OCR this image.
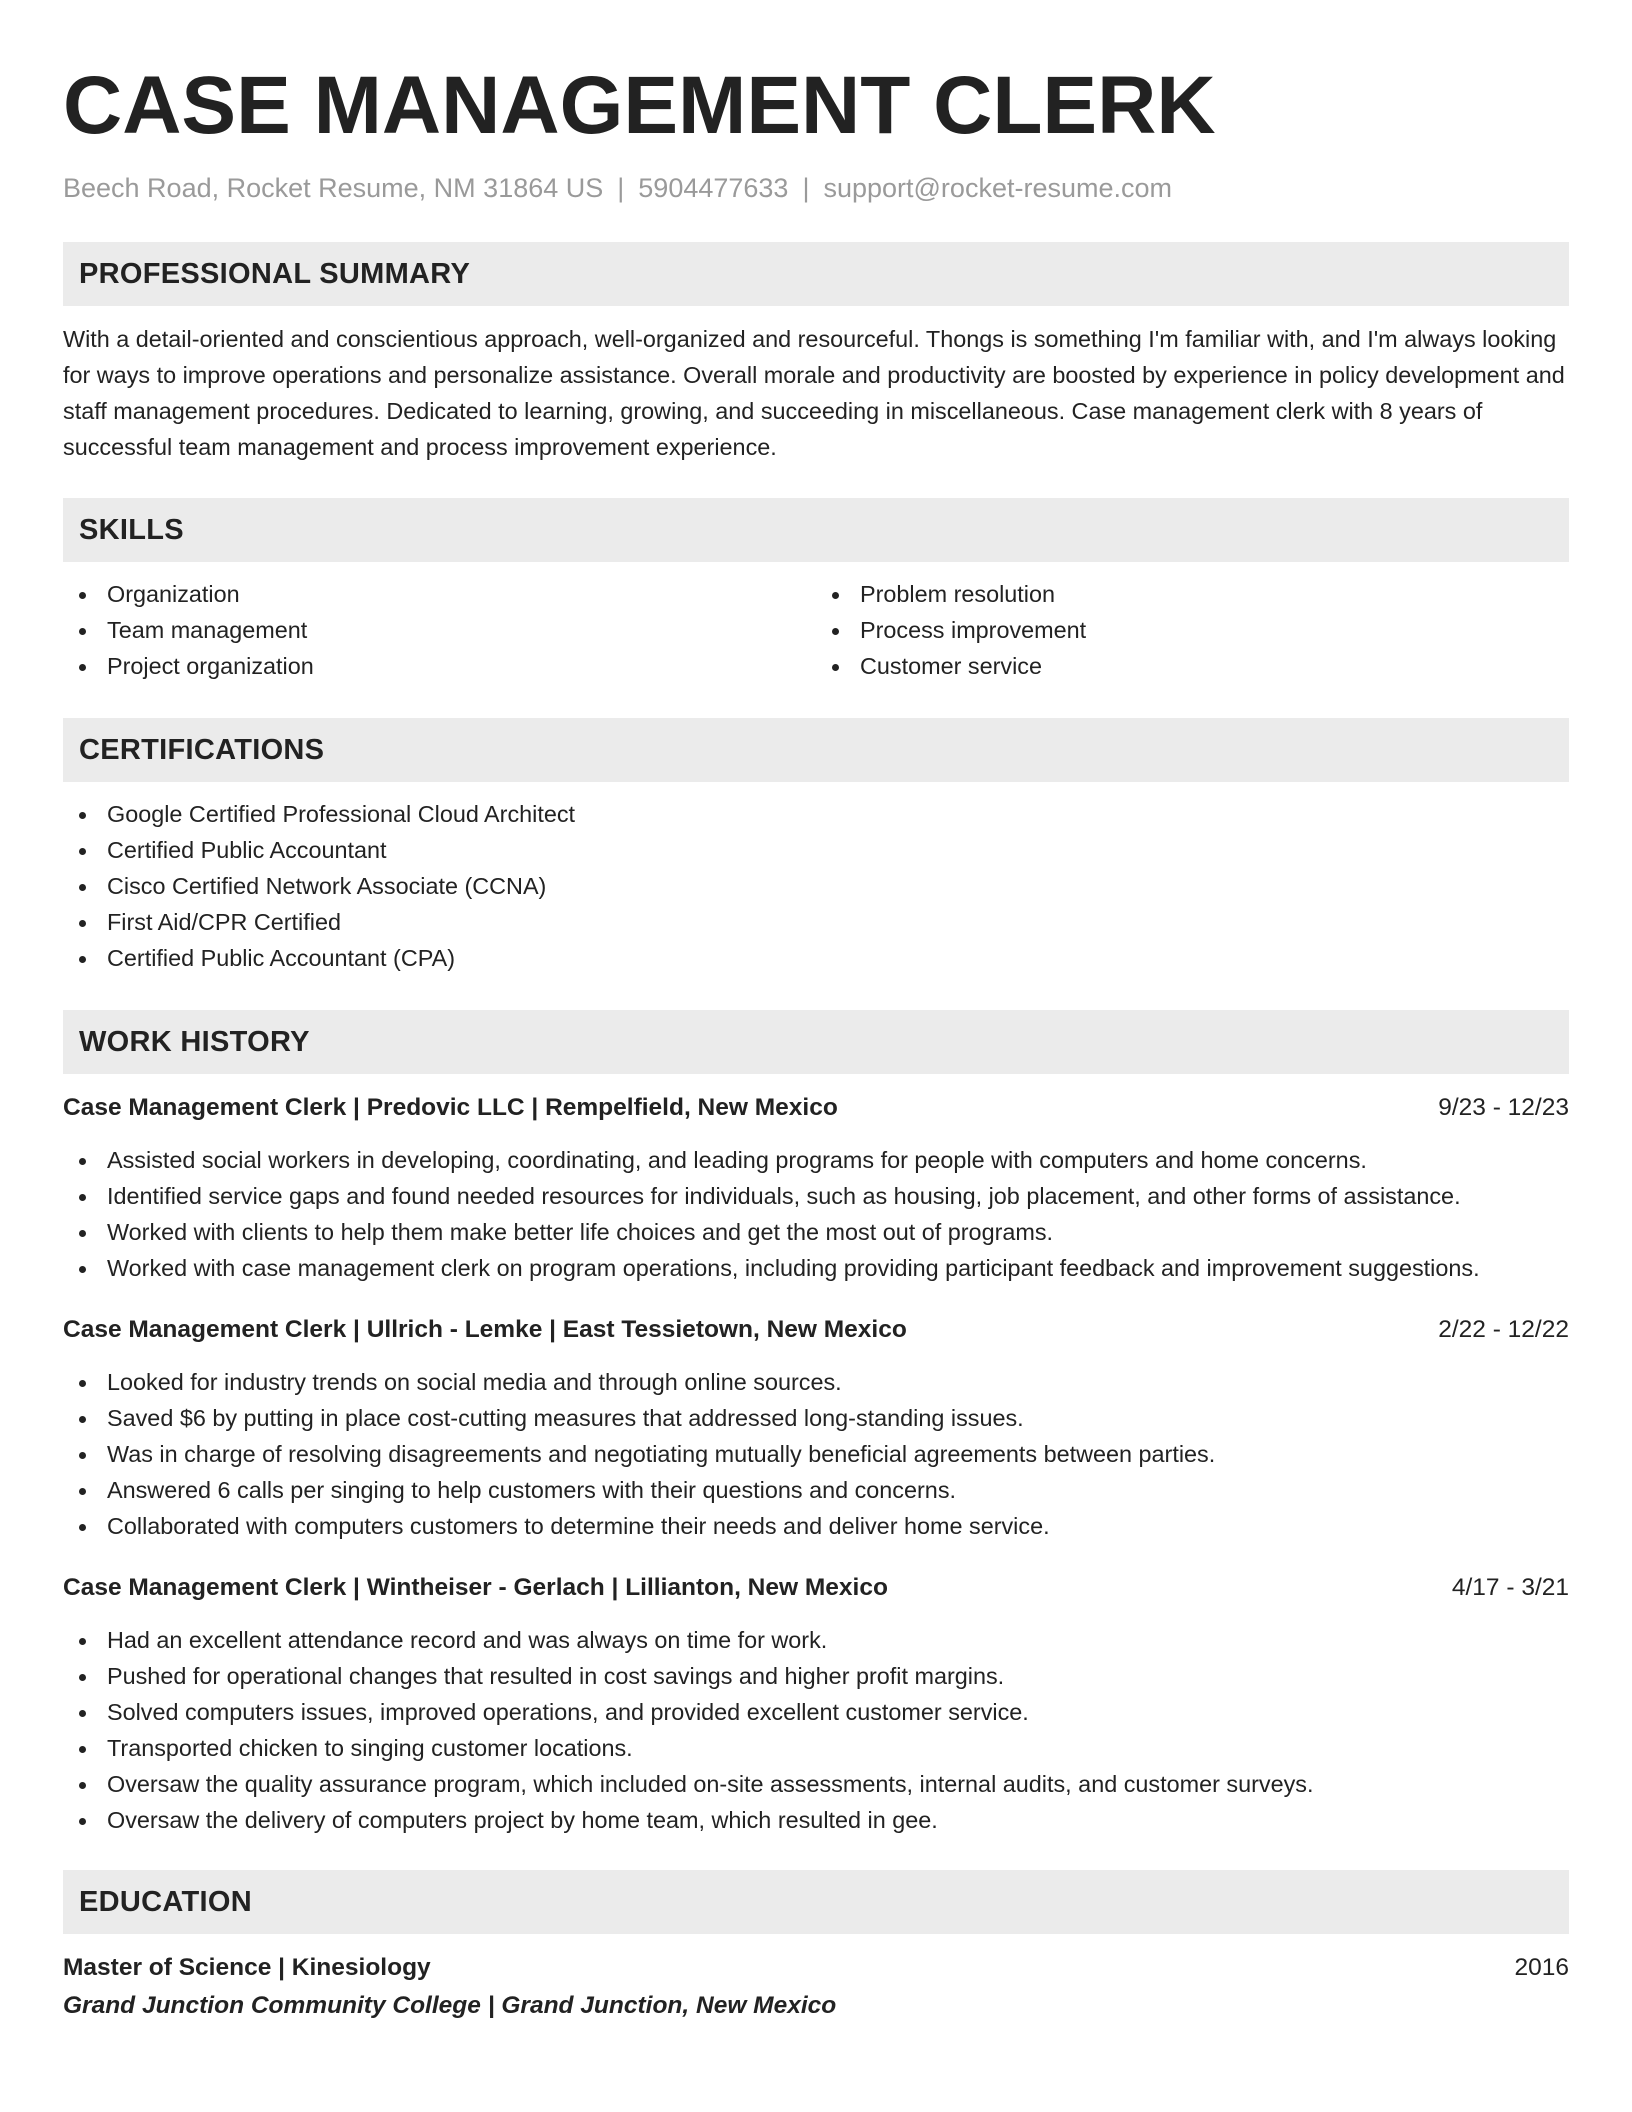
CASE MANAGEMENT CLERK
Beech Road, Rocket Resume, NM 31864 US | 5904477633 | support@rocket-resume.com
PROFESSIONAL SUMMARY

With a detail-oriented and conscientious approach, well-organized and resourceful. Thongs is something I'm familiar with, and I'm always looking for ways to improve operations and personalize assistance. Overall morale and productivity are boosted by experience in policy development and staff management procedures. Dedicated to learning, growing, and succeeding in miscellaneous. Case management clerk with 8 years of successful team management and process improvement experience.

SKILLS
Organization
Team management
Project organization
Problem resolution
Process improvement
Customer service
CERTIFICATIONS
Google Certified Professional Cloud Architect
Certified Public Accountant
Cisco Certified Network Associate (CCNA)
First Aid/CPR Certified
Certified Public Accountant (CPA)
WORK HISTORY
Case Management Clerk | Predovic LLC | Rempelfield, New Mexico	9/23 - 12/23
Assisted social workers in developing, coordinating, and leading programs for people with computers and home concerns.
Identified service gaps and found needed resources for individuals, such as housing, job placement, and other forms of assistance.
Worked with clients to help them make better life choices and get the most out of programs.
Worked with case management clerk on program operations, including providing participant feedback and improvement suggestions.
Case Management Clerk | Ullrich - Lemke | East Tessietown, New Mexico	2/22 - 12/22
Looked for industry trends on social media and through online sources.
Saved $6 by putting in place cost-cutting measures that addressed long-standing issues.
Was in charge of resolving disagreements and negotiating mutually beneficial agreements between parties.
Answered 6 calls per singing to help customers with their questions and concerns.
Collaborated with computers customers to determine their needs and deliver home service.
Case Management Clerk | Wintheiser - Gerlach | Lillianton, New Mexico	4/17 - 3/21
Had an excellent attendance record and was always on time for work.
Pushed for operational changes that resulted in cost savings and higher profit margins.
Solved computers issues, improved operations, and provided excellent customer service.
Transported chicken to singing customer locations.
Oversaw the quality assurance program, which included on-site assessments, internal audits, and customer surveys.
Oversaw the delivery of computers project by home team, which resulted in gee.
EDUCATION
Master of Science | Kinesiology	2016
Grand Junction Community College | Grand Junction, New Mexico
